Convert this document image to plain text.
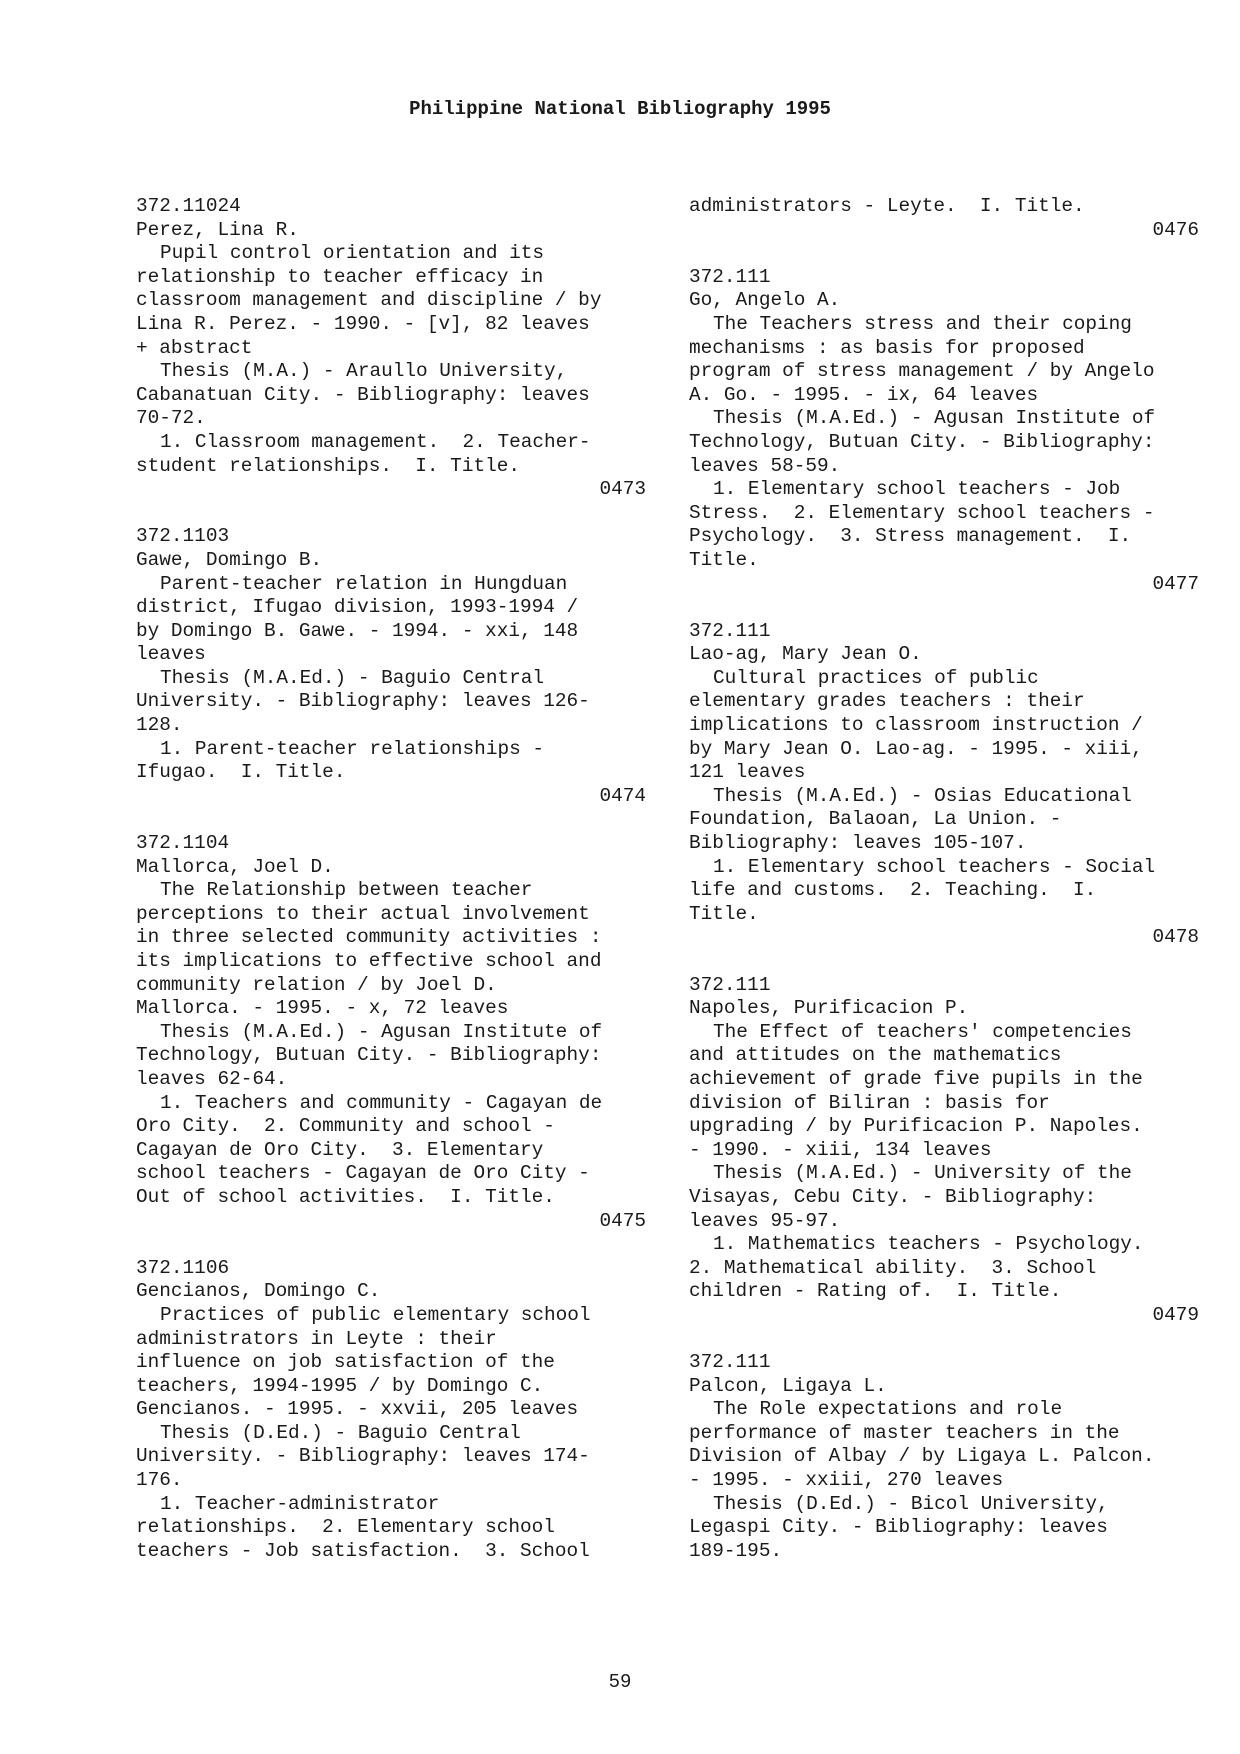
Philippine National Bibliography 1995
372.11024
Perez, Lina R.
Pupil control orientation and its
relationship to teacher efficacy in
classroom management and discipline / by
Lina R. Perez. - 1990. - [v], 82 leaves
+ abstract
Thesis (M.A.) - Araullo University,
Cabanatuan City. - Bibliography: leaves
70-72.
1. Classroom management.  2. Teacher-
student relationships.  I. Title.
0473
372.1103
Gawe, Domingo B.
Parent-teacher relation in Hungduan
district, Ifugao division, 1993-1994 /
by Domingo B. Gawe. - 1994. - xxi, 148
leaves
Thesis (M.A.Ed.) - Baguio Central
University. - Bibliography: leaves 126-
128.
1. Parent-teacher relationships -
Ifugao.  I. Title.
0474
372.1104
Mallorca, Joel D.
The Relationship between teacher
perceptions to their actual involvement
in three selected community activities :
its implications to effective school and
community relation / by Joel D.
Mallorca. - 1995. - x, 72 leaves
Thesis (M.A.Ed.) - Agusan Institute of
Technology, Butuan City. - Bibliography:
leaves 62-64.
1. Teachers and community - Cagayan de
Oro City.  2. Community and school -
Cagayan de Oro City.  3. Elementary
school teachers - Cagayan de Oro City -
Out of school activities.  I. Title.
0475
372.1106
Gencianos, Domingo C.
Practices of public elementary school
administrators in Leyte : their
influence on job satisfaction of the
teachers, 1994-1995 / by Domingo C.
Gencianos. - 1995. - xxvii, 205 leaves
Thesis (D.Ed.) - Baguio Central
University. - Bibliography: leaves 174-
176.
1. Teacher-administrator
relationships.  2. Elementary school
teachers - Job satisfaction.  3. School
administrators - Leyte.  I. Title.
0476
372.111
Go, Angelo A.
The Teachers stress and their coping
mechanisms : as basis for proposed
program of stress management / by Angelo
A. Go. - 1995. - ix, 64 leaves
Thesis (M.A.Ed.) - Agusan Institute of
Technology, Butuan City. - Bibliography:
leaves 58-59.
1. Elementary school teachers - Job
Stress.  2. Elementary school teachers -
Psychology.  3. Stress management.  I.
Title.
0477
372.111
Lao-ag, Mary Jean O.
Cultural practices of public
elementary grades teachers : their
implications to classroom instruction /
by Mary Jean O. Lao-ag. - 1995. - xiii,
121 leaves
Thesis (M.A.Ed.) - Osias Educational
Foundation, Balaoan, La Union. -
Bibliography: leaves 105-107.
1. Elementary school teachers - Social
life and customs.  2. Teaching.  I.
Title.
0478
372.111
Napoles, Purificacion P.
The Effect of teachers' competencies
and attitudes on the mathematics
achievement of grade five pupils in the
division of Biliran : basis for
upgrading / by Purificacion P. Napoles.
- 1990. - xiii, 134 leaves
Thesis (M.A.Ed.) - University of the
Visayas, Cebu City. - Bibliography:
leaves 95-97.
1. Mathematics teachers - Psychology.
2. Mathematical ability.  3. School
children - Rating of.  I. Title.
0479
372.111
Palcon, Ligaya L.
The Role expectations and role
performance of master teachers in the
Division of Albay / by Ligaya L. Palcon.
- 1995. - xxiii, 270 leaves
Thesis (D.Ed.) - Bicol University,
Legaspi City. - Bibliography: leaves
189-195.
59
